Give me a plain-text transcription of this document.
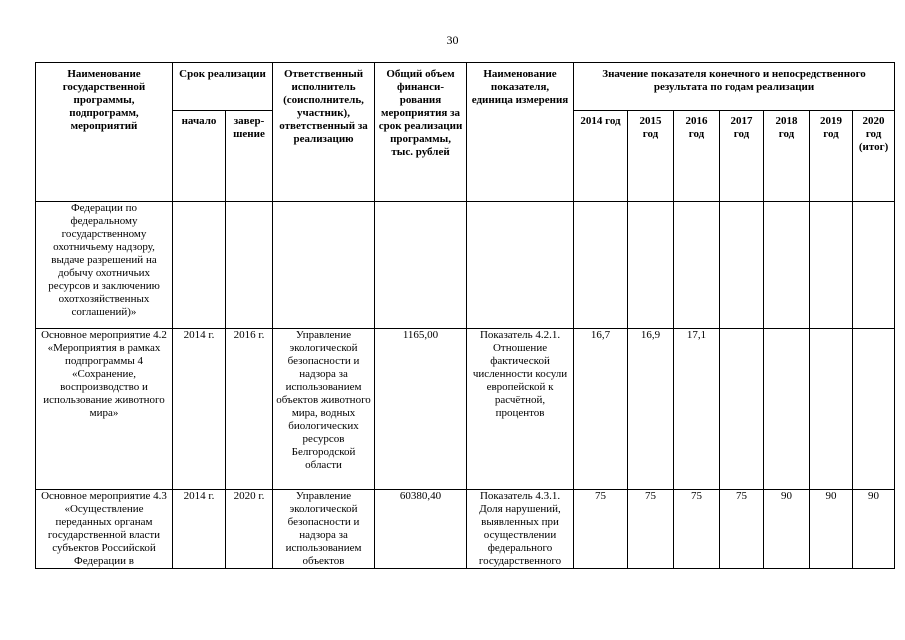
30
Наименование государственной программы, подпрограмм, мероприятий	Срок реализации		Ответственный исполнитель (соисполнитель, участник), ответственный за реализацию	Общий объем финанси-рования мероприятия за срок реализации программы, тыс. рублей	Наименование показателя, единица измерения	Значение показателя конечного и непосредственного результата по годам реализации						
	начало	завер-шение				2014 год	2015 год	2016 год	2017 год	2018 год	2019 год	2020 год (итог)
Федерации по федеральному государственному охотничьему надзору, выдаче разрешений на добычу охотничьих ресурсов и заключению охотхозяйственных соглашений)»												
Основное мероприятие 4.2 «Мероприятия в рамках подпрограммы 4 «Сохранение, воспроизводство и использование животного мира»	2014 г.	2016 г.	Управление экологической безопасности и надзора за использованием объектов животного мира, водных биологических ресурсов Белгородской области	1165,00	Показатель 4.2.1. Отношение фактической численности косули европейской к расчётной, процентов	16,7	16,9	17,1				
Основное мероприятие 4.3 «Осуществление переданных органам государственной власти субъектов Российской Федерации в	2014 г.	2020 г.	Управление экологической безопасности и надзора за использованием объектов	60380,40	Показатель 4.3.1. Доля нарушений, выявленных при осуществлении федерального государственного	75	75	75	75	90	90	90
